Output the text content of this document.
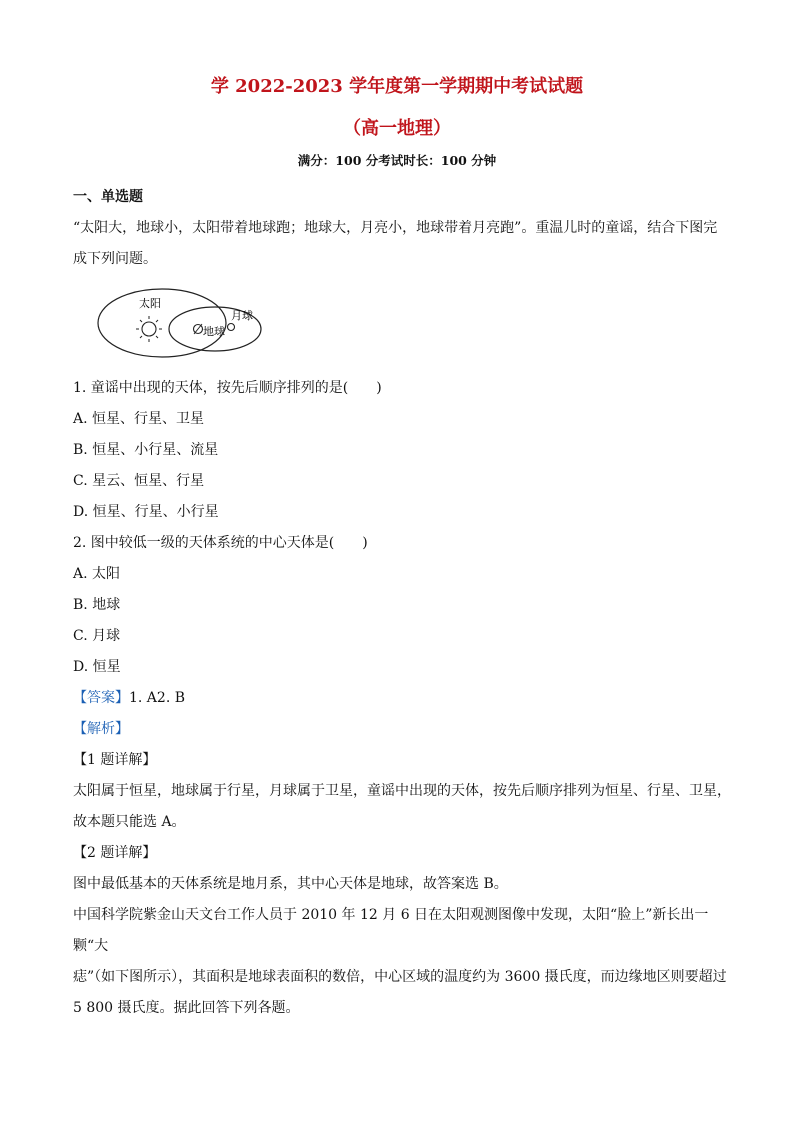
学 2022-2023 学年度第一学期期中考试试题
（高一地理）
满分：100 分考试时长：100 分钟

一、单选题

“太阳大，地球小，太阳带着地球跑；地球大，月亮小，地球带着月亮跑”。重温儿时的童谣，结合下图完

成下列问题。

太阳
地球
月球

1. 童谣中出现的天体，按先后顺序排列的是(　　)

A. 恒星、行星、卫星

B. 恒星、小行星、流星

C. 星云、恒星、行星

D. 恒星、行星、小行星

2. 图中较低一级的天体系统的中心天体是(　　)

A. 太阳

B. 地球

C. 月球

D. 恒星

【答案】1. A2. B

【解析】

【1 题详解】

太阳属于恒星，地球属于行星，月球属于卫星，童谣中出现的天体，按先后顺序排列为恒星、行星、卫星，

故本题只能选 A。

【2 题详解】

图中最低基本的天体系统是地月系，其中心天体是地球，故答案选 B。

中国科学院紫金山天文台工作人员于 2010 年 12 月 6 日在太阳观测图像中发现，太阳“脸上”新长出一颗“大

痣”（如下图所示），其面积是地球表面积的数倍，中心区域的温度约为 3600 摄氏度，而边缘地区则要超过

5 800 摄氏度。据此回答下列各题。
